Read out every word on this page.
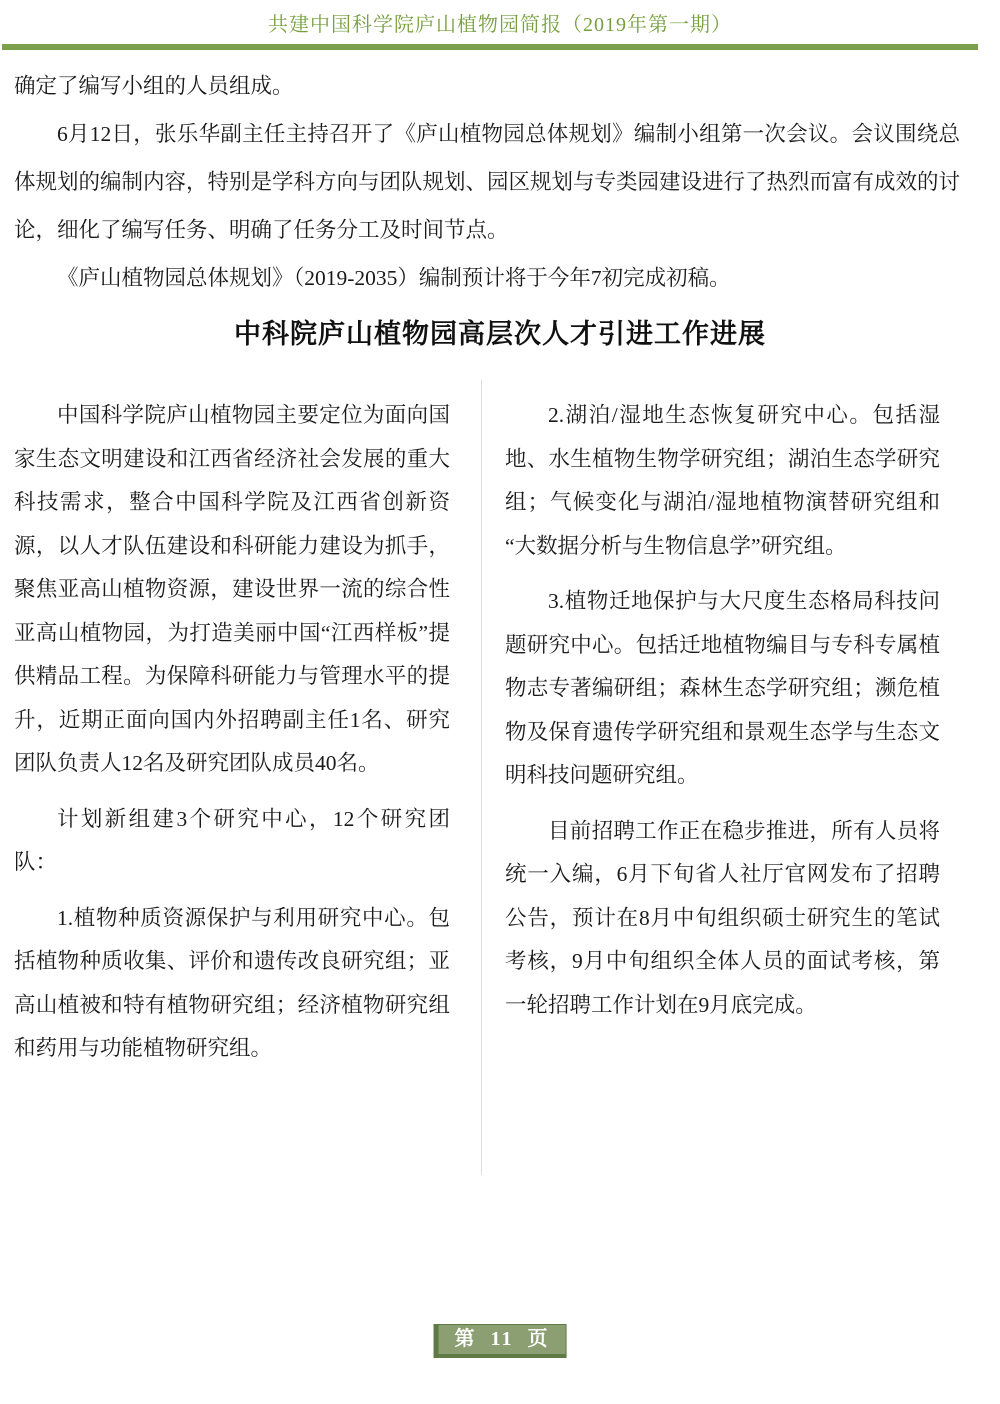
共建中国科学院庐山植物园简报（2019年第一期）

确定了编写小组的人员组成。

6月12日，张乐华副主任主持召开了《庐山植物园总体规划》编制小组第一次会议。会议围绕总体规划的编制内容，特别是学科方向与团队规划、园区规划与专类园建设进行了热烈而富有成效的讨论，细化了编写任务、明确了任务分工及时间节点。

《庐山植物园总体规划》（2019-2035）编制预计将于今年7初完成初稿。

中科院庐山植物园高层次人才引进工作进展

中国科学院庐山植物园主要定位为面向国家生态文明建设和江西省经济社会发展的重大科技需求，整合中国科学院及江西省创新资源，以人才队伍建设和科研能力建设为抓手，聚焦亚高山植物资源，建设世界一流的综合性亚高山植物园，为打造美丽中国“江西样板”提供精品工程。为保障科研能力与管理水平的提升，近期正面向国内外招聘副主任1名、研究团队负责人12名及研究团队成员40名。

计划新组建3个研究中心，12个研究团队：

1.植物种质资源保护与利用研究中心。包括植物种质收集、评价和遗传改良研究组；亚高山植被和特有植物研究组；经济植物研究组和药用与功能植物研究组。

2.湖泊/湿地生态恢复研究中心。包括湿地、水生植物生物学研究组；湖泊生态学研究组；气候变化与湖泊/湿地植物演替研究组和“大数据分析与生物信息学”研究组。

3.植物迁地保护与大尺度生态格局科技问题研究中心。包括迁地植物编目与专科专属植物志专著编研组；森林生态学研究组；濒危植物及保育遗传学研究组和景观生态学与生态文明科技问题研究组。

目前招聘工作正在稳步推进，所有人员将统一入编，6月下旬省人社厅官网发布了招聘公告，预计在8月中旬组织硕士研究生的笔试考核，9月中旬组织全体人员的面试考核，第一轮招聘工作计划在9月底完成。

第  11  页
